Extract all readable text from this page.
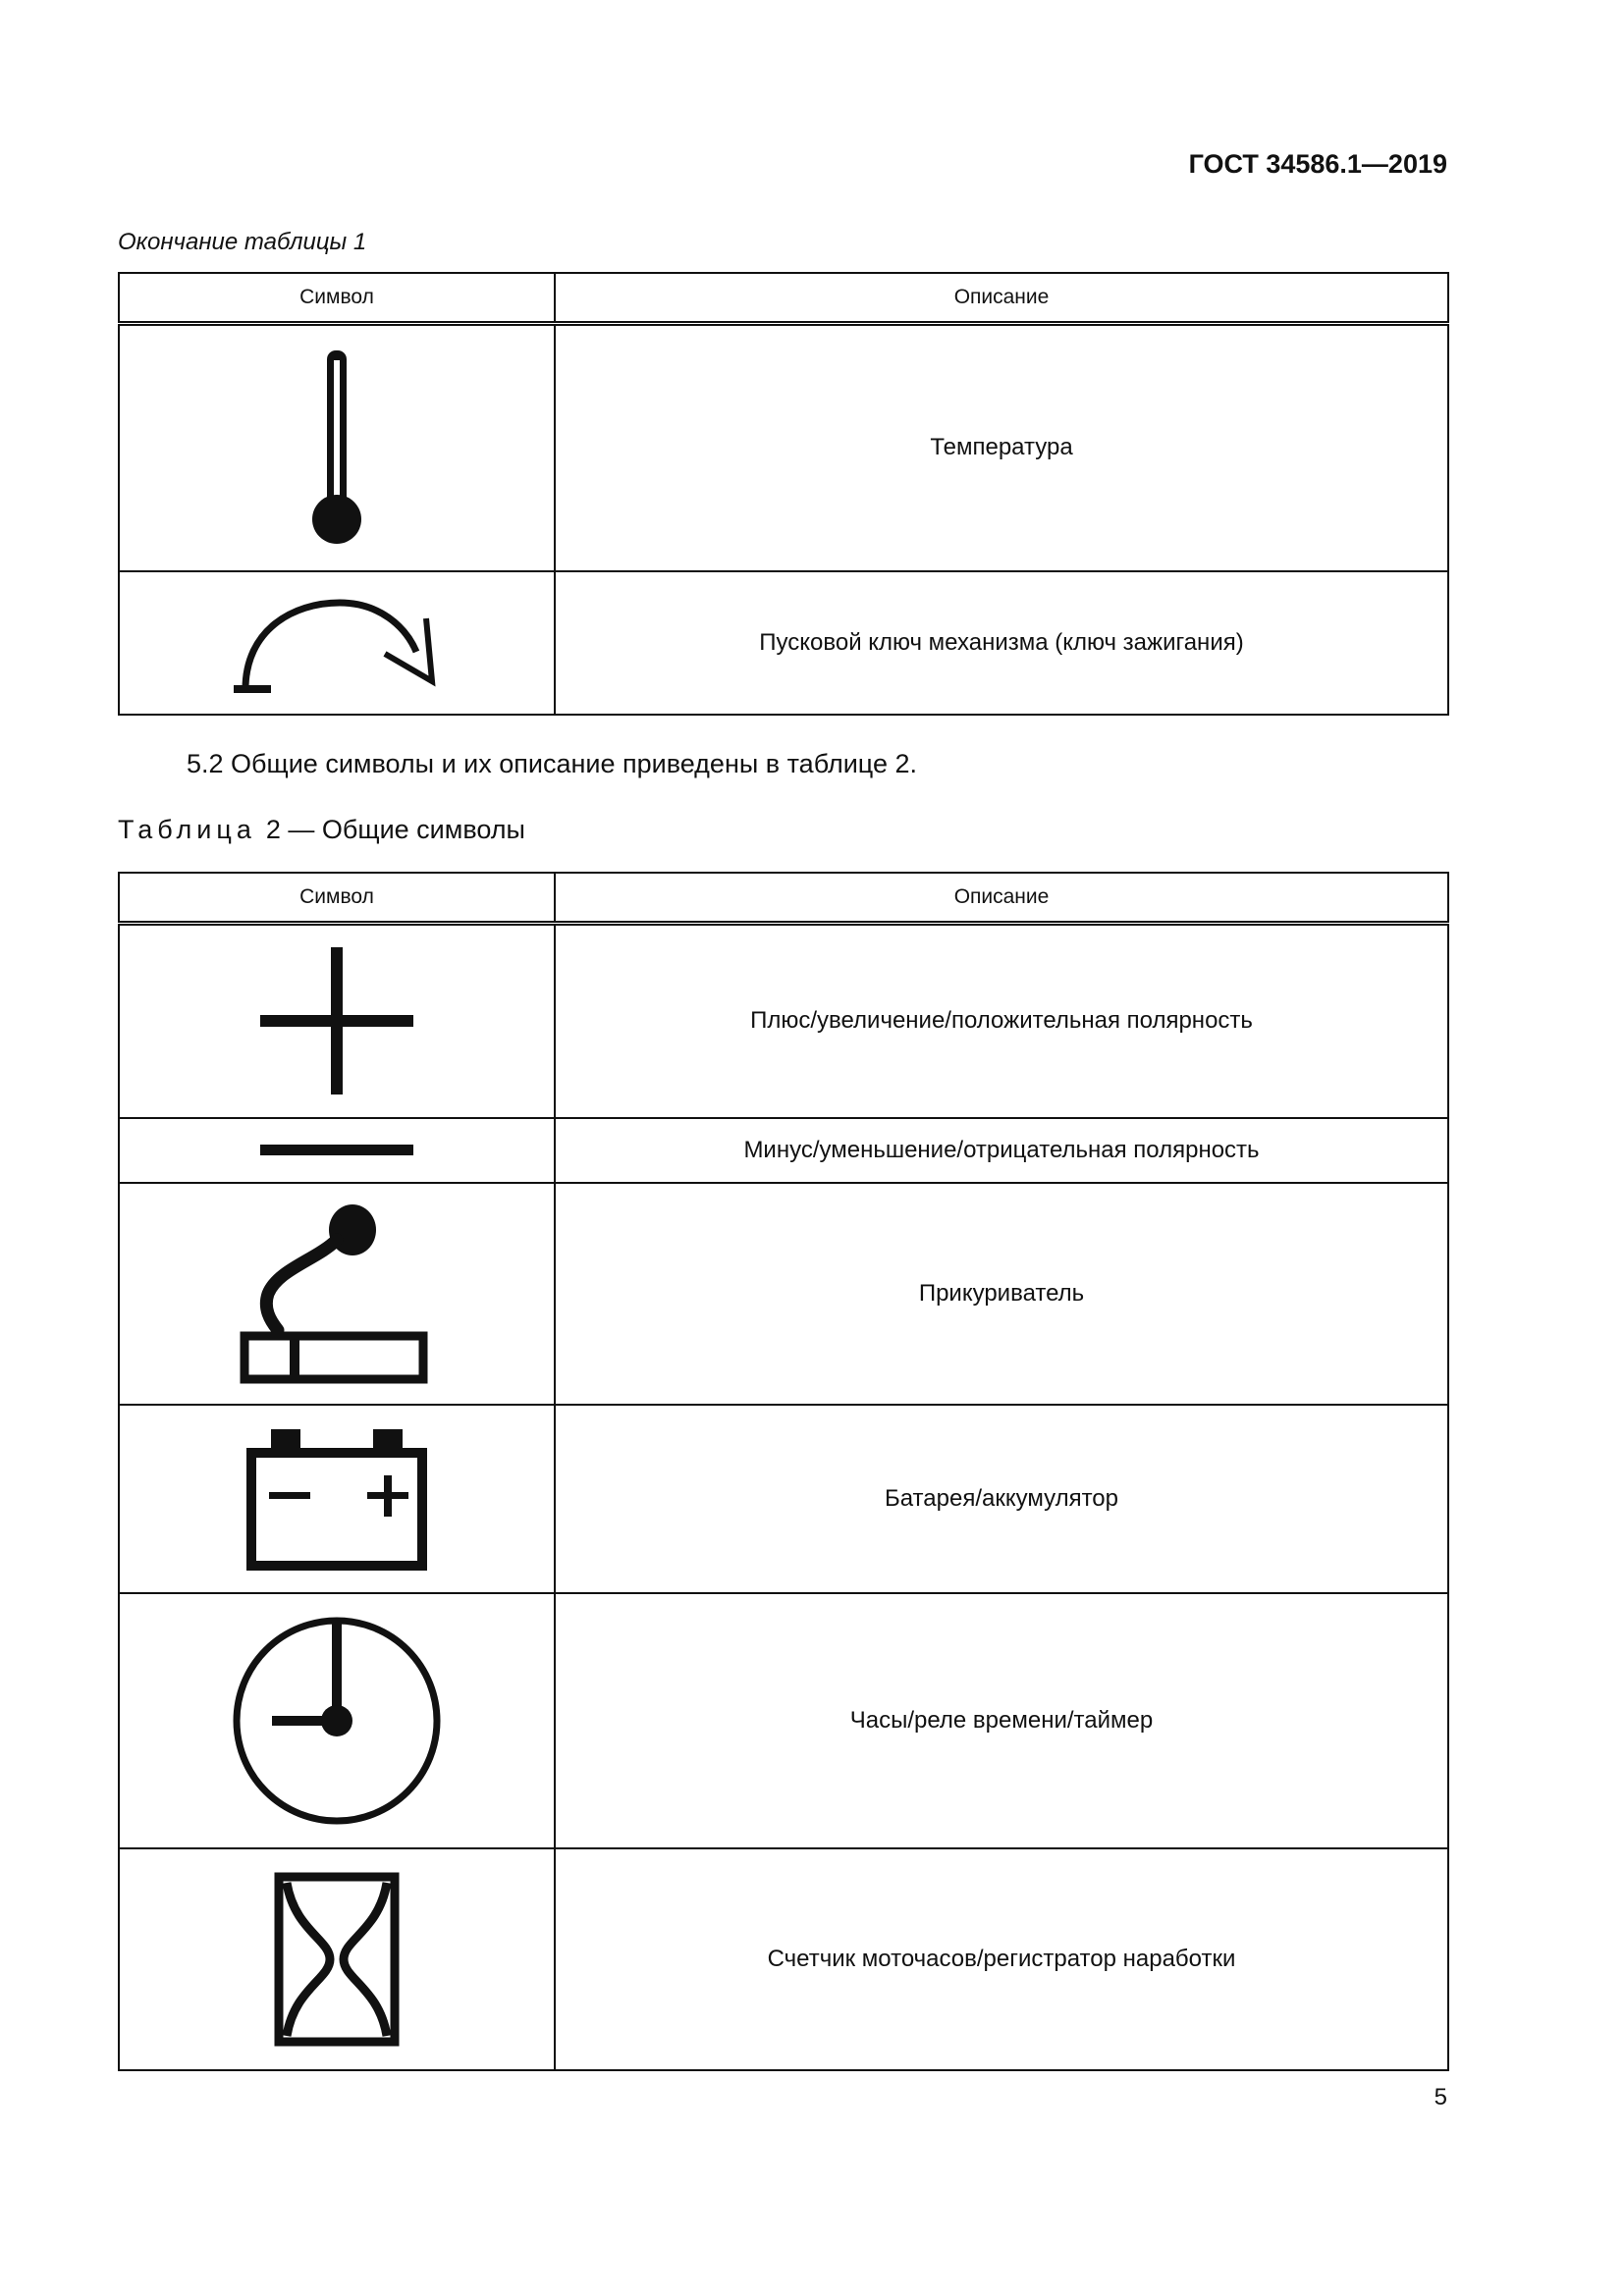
ГОСТ 34586.1—2019
Окончание таблицы 1
Символ	Описание

	Температура

	Пусковой ключ механизма (ключ зажигания)
5.2 Общие символы и их описание приведены в таблице 2.
Таблица 2 — Общие символы
Символ	Описание

	Плюс/увеличение/положительная полярность

	Минус/уменьшение/отрицательная полярность

	Прикуриватель

	Батарея/аккумулятор

	Часы/реле времени/таймер

	Счетчик моточасов/регистратор наработки
5
